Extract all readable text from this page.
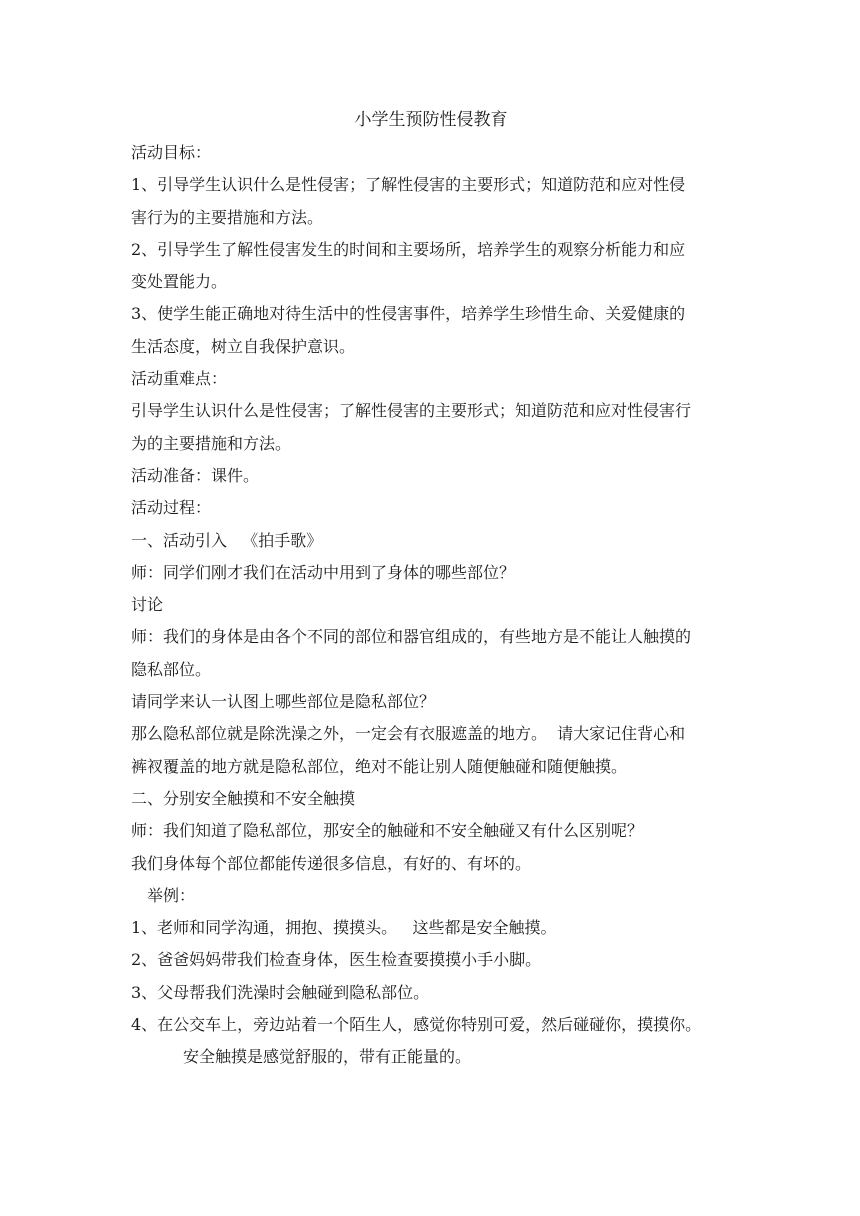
小学生预防性侵教育

活动目标：

1、引导学生认识什么是性侵害；了解性侵害的主要形式；知道防范和应对性侵

害行为的主要措施和方法。

2、引导学生了解性侵害发生的时间和主要场所，培养学生的观察分析能力和应

变处置能力。

3、使学生能正确地对待生活中的性侵害事件，培养学生珍惜生命、关爱健康的

生活态度，树立自我保护意识。

活动重难点：

引导学生认识什么是性侵害；了解性侵害的主要形式；知道防范和应对性侵害行

为的主要措施和方法。

活动准备：课件。

活动过程：

一、活动引入   《拍手歌》

师：同学们刚才我们在活动中用到了身体的哪些部位？

讨论

师：我们的身体是由各个不同的部位和器官组成的，有些地方是不能让人触摸的

隐私部位。

请同学来认一认图上哪些部位是隐私部位？

那么隐私部位就是除洗澡之外，一定会有衣服遮盖的地方。  请大家记住背心和

裤衩覆盖的地方就是隐私部位，绝对不能让别人随便触碰和随便触摸。

二、分别安全触摸和不安全触摸

师：我们知道了隐私部位，那安全的触碰和不安全触碰又有什么区别呢？

我们身体每个部位都能传递很多信息，有好的、有坏的。

举例：

1、老师和同学沟通，拥抱、摸摸头。   这些都是安全触摸。

2、爸爸妈妈带我们检查身体，医生检查要摸摸小手小脚。

3、父母帮我们洗澡时会触碰到隐私部位。

4、在公交车上，旁边站着一个陌生人，感觉你特别可爱，然后碰碰你，摸摸你。

安全触摸是感觉舒服的，带有正能量的。
